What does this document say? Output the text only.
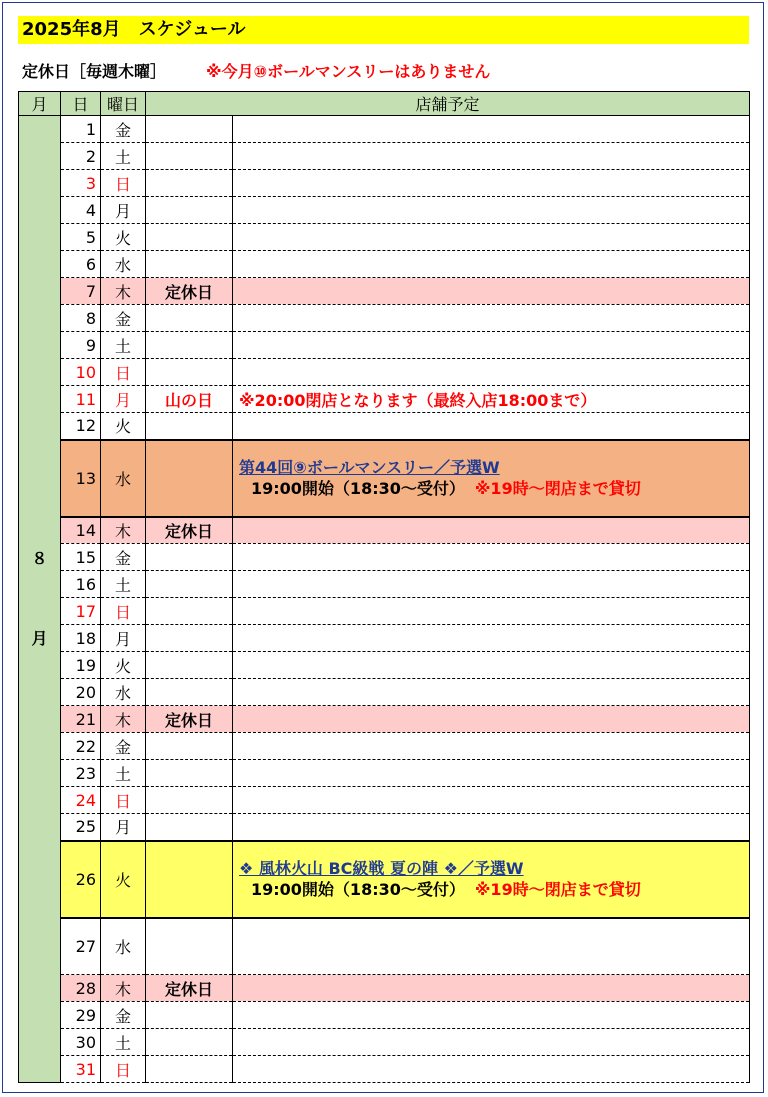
2025年8月　スケジュール
定休日［毎週木曜］	※今月⑩ボールマンスリーはありません
月	日	曜日	店舗予定	
８

月	1	金		
	2	土		
	3	日		
	4	月		
	5	火		
	6	水		
	7	木	定休日	
	8	金		
	9	土		
	10	日		
	11	月	山の日	※20:00閉店となります（最終入店18:00まで）
	12	火		
	13	水		第44回⑨ボールマンスリー／予選W
19:00開始（18:30～受付） ※19時～閉店まで貸切

	14	木	定休日	
	15	金		
	16	土		
	17	日		
	18	月		
	19	火		
	20	水		
	21	木	定休日	
	22	金		
	23	土		
	24	日		
	25	月		
	26	火		❖ 風林火山 BC級戦 夏の陣 ❖／予選W
19:00開始（18:30～受付） ※19時～閉店まで貸切

	27	水		
	28	木	定休日	
	29	金		
	30	土		
	31	日		
